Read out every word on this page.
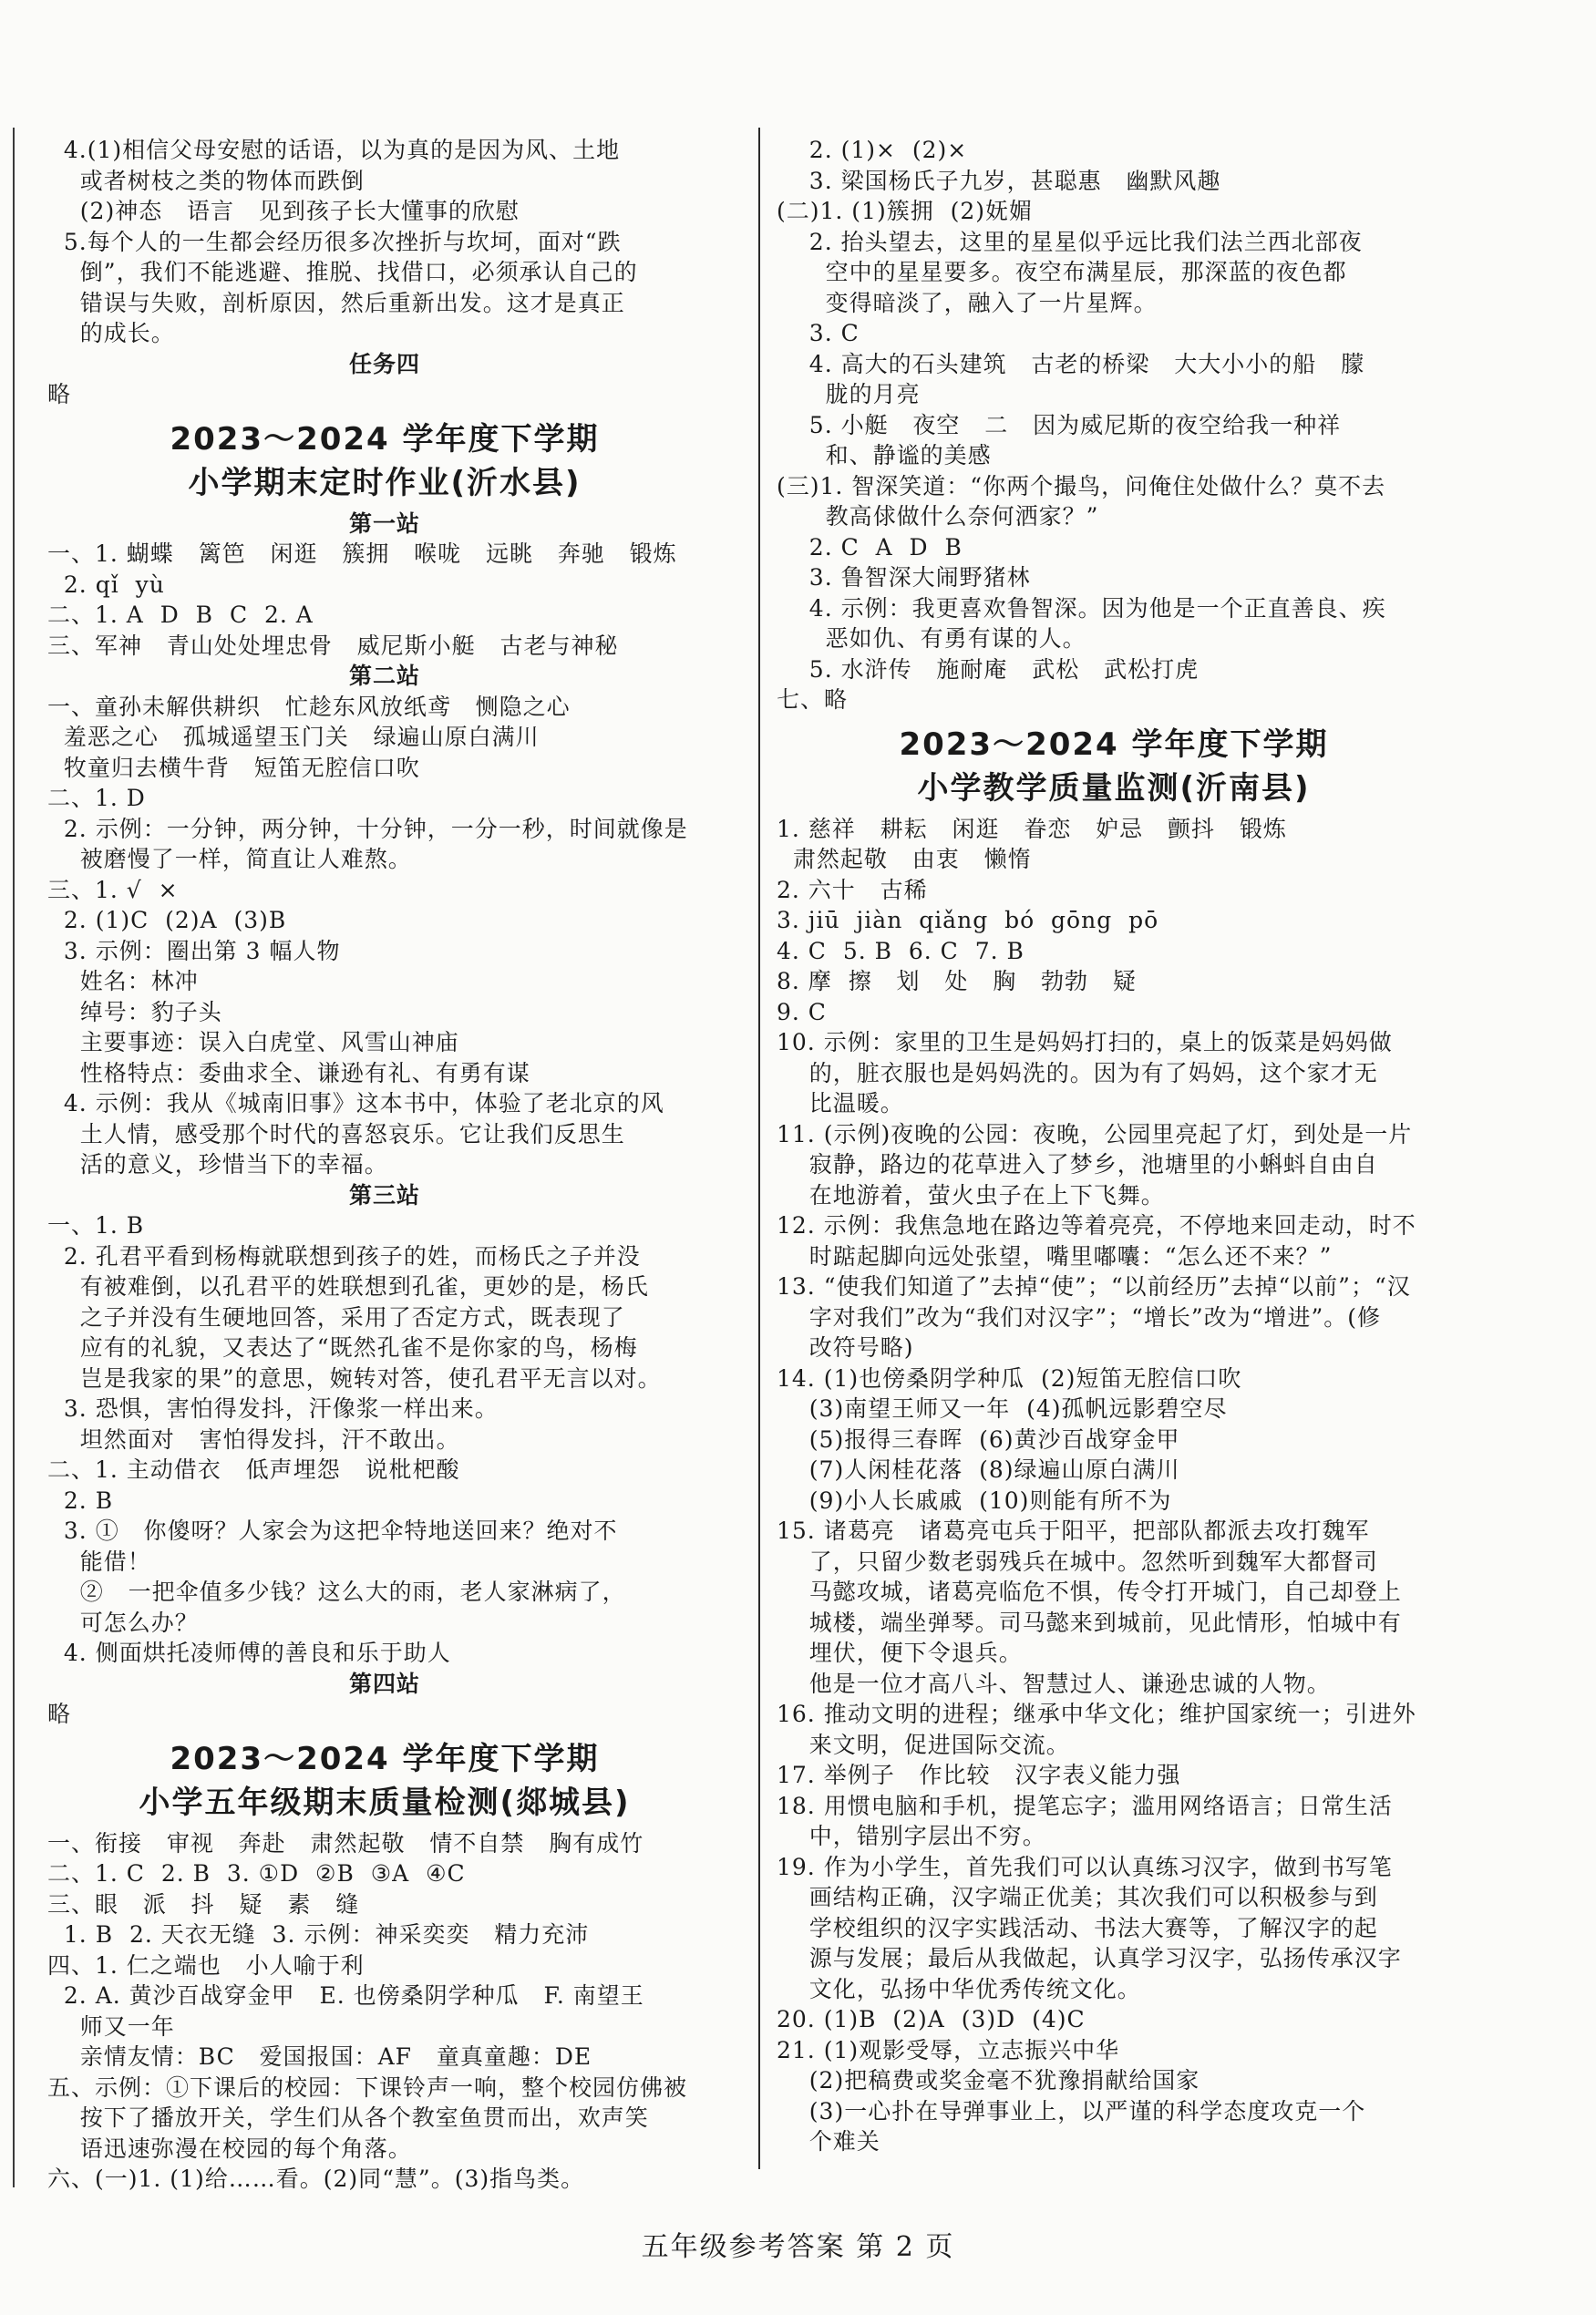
4.(1)相信父母安慰的话语，以为真的是因为风、土地
或者树枝之类的物体而跌倒
(2)神态   语言   见到孩子长大懂事的欣慰
5.每个人的一生都会经历很多次挫折与坎坷，面对“跌
倒”，我们不能逃避、推脱、找借口，必须承认自己的
错误与失败，剖析原因，然后重新出发。这才是真正
的成长。
任务四
略
2023～2024 学年度下学期
小学期末定时作业(沂水县)
第一站
一、1. 蝴蝶   篱笆   闲逛   簇拥   喉咙   远眺   奔驰   锻炼
2. qǐ  yù
二、1. A  D  B  C  2. A
三、军神   青山处处埋忠骨   威尼斯小艇   古老与神秘
第二站
一、童孙未解供耕织   忙趁东风放纸鸢   恻隐之心
羞恶之心   孤城遥望玉门关   绿遍山原白满川
牧童归去横牛背   短笛无腔信口吹
二、1. D
2. 示例：一分钟，两分钟，十分钟，一分一秒，时间就像是
被磨慢了一样，简直让人难熬。
三、1. √  ×
2. (1)C  (2)A  (3)B
3. 示例：圈出第 3 幅人物
姓名：林冲
绰号：豹子头
主要事迹：误入白虎堂、风雪山神庙
性格特点：委曲求全、谦逊有礼、有勇有谋
4. 示例：我从《城南旧事》这本书中，体验了老北京的风
土人情，感受那个时代的喜怒哀乐。它让我们反思生
活的意义，珍惜当下的幸福。
第三站
一、1. B
2. 孔君平看到杨梅就联想到孩子的姓，而杨氏之子并没
有被难倒，以孔君平的姓联想到孔雀，更妙的是，杨氏
之子并没有生硬地回答，采用了否定方式，既表现了
应有的礼貌，又表达了“既然孔雀不是你家的鸟，杨梅
岂是我家的果”的意思，婉转对答，使孔君平无言以对。
3. 恐惧，害怕得发抖，汗像浆一样出来。
坦然面对   害怕得发抖，汗不敢出。
二、1. 主动借衣   低声埋怨   说枇杷酸
2. B
3. ①   你傻呀？人家会为这把伞特地送回来？绝对不
能借！
②   一把伞值多少钱？这么大的雨，老人家淋病了，
可怎么办？
4. 侧面烘托凌师傅的善良和乐于助人
第四站
略
2023～2024 学年度下学期
小学五年级期末质量检测(郯城县)
一、衔接   审视   奔赴   肃然起敬   情不自禁   胸有成竹
二、1. C  2. B  3. ①D  ②B  ③A  ④C
三、眼   派   抖   疑   素   缝
1. B  2. 天衣无缝  3. 示例：神采奕奕   精力充沛
四、1. 仁之端也   小人喻于利
2. A. 黄沙百战穿金甲   E. 也傍桑阴学种瓜   F. 南望王
师又一年
亲情友情：BC   爱国报国：AF   童真童趣：DE
五、示例：①下课后的校园：下课铃声一响，整个校园仿佛被
按下了播放开关，学生们从各个教室鱼贯而出，欢声笑
语迅速弥漫在校园的每个角落。
六、(一)1. (1)给……看。(2)同“慧”。(3)指鸟类。
2. (1)×  (2)×
3. 梁国杨氏子九岁，甚聪惠   幽默风趣
(二)1. (1)簇拥  (2)妩媚
2. 抬头望去，这里的星星似乎远比我们法兰西北部夜
空中的星星要多。夜空布满星辰，那深蓝的夜色都
变得暗淡了，融入了一片星辉。
3. C
4. 高大的石头建筑   古老的桥梁   大大小小的船   朦
胧的月亮
5. 小艇   夜空   二   因为威尼斯的夜空给我一种祥
和、静谧的美感
(三)1. 智深笑道：“你两个撮鸟，问俺住处做什么？莫不去
教高俅做什么奈何洒家？”
2. C  A  D  B
3. 鲁智深大闹野猪林
4. 示例：我更喜欢鲁智深。因为他是一个正直善良、疾
恶如仇、有勇有谋的人。
5. 水浒传   施耐庵   武松   武松打虎
七、略
2023～2024 学年度下学期
小学教学质量监测(沂南县)
1. 慈祥   耕耘   闲逛   眷恋   妒忌   颤抖   锻炼
肃然起敬   由衷   懒惰
2. 六十   古稀
3. jiū  jiàn  qiǎng  bó  gōng  pō
4. C  5. B  6. C  7. B
8. 摩  擦   划   处   胸   勃勃   疑
9. C
10. 示例：家里的卫生是妈妈打扫的，桌上的饭菜是妈妈做
的，脏衣服也是妈妈洗的。因为有了妈妈，这个家才无
比温暖。
11. (示例)夜晚的公园：夜晚，公园里亮起了灯，到处是一片
寂静，路边的花草进入了梦乡，池塘里的小蝌蚪自由自
在地游着，萤火虫子在上下飞舞。
12. 示例：我焦急地在路边等着亮亮，不停地来回走动，时不
时踮起脚向远处张望，嘴里嘟囔：“怎么还不来？”
13. “使我们知道了”去掉“使”；“以前经历”去掉“以前”；“汉
字对我们”改为“我们对汉字”；“增长”改为“增进”。(修
改符号略)
14. (1)也傍桑阴学种瓜  (2)短笛无腔信口吹
(3)南望王师又一年  (4)孤帆远影碧空尽
(5)报得三春晖  (6)黄沙百战穿金甲
(7)人闲桂花落  (8)绿遍山原白满川
(9)小人长戚戚  (10)则能有所不为
15. 诸葛亮   诸葛亮屯兵于阳平，把部队都派去攻打魏军
了，只留少数老弱残兵在城中。忽然听到魏军大都督司
马懿攻城，诸葛亮临危不惧，传令打开城门，自己却登上
城楼，端坐弹琴。司马懿来到城前，见此情形，怕城中有
埋伏，便下令退兵。
他是一位才高八斗、智慧过人、谦逊忠诚的人物。
16. 推动文明的进程；继承中华文化；维护国家统一；引进外
来文明，促进国际交流。
17. 举例子   作比较   汉字表义能力强
18. 用惯电脑和手机，提笔忘字；滥用网络语言；日常生活
中，错别字层出不穷。
19. 作为小学生，首先我们可以认真练习汉字，做到书写笔
画结构正确，汉字端正优美；其次我们可以积极参与到
学校组织的汉字实践活动、书法大赛等，了解汉字的起
源与发展；最后从我做起，认真学习汉字，弘扬传承汉字
文化，弘扬中华优秀传统文化。
20. (1)B  (2)A  (3)D  (4)C
21. (1)观影受辱，立志振兴中华
(2)把稿费或奖金毫不犹豫捐献给国家
(3)一心扑在导弹事业上，以严谨的科学态度攻克一个
个难关
五年级参考答案 第 2 页
